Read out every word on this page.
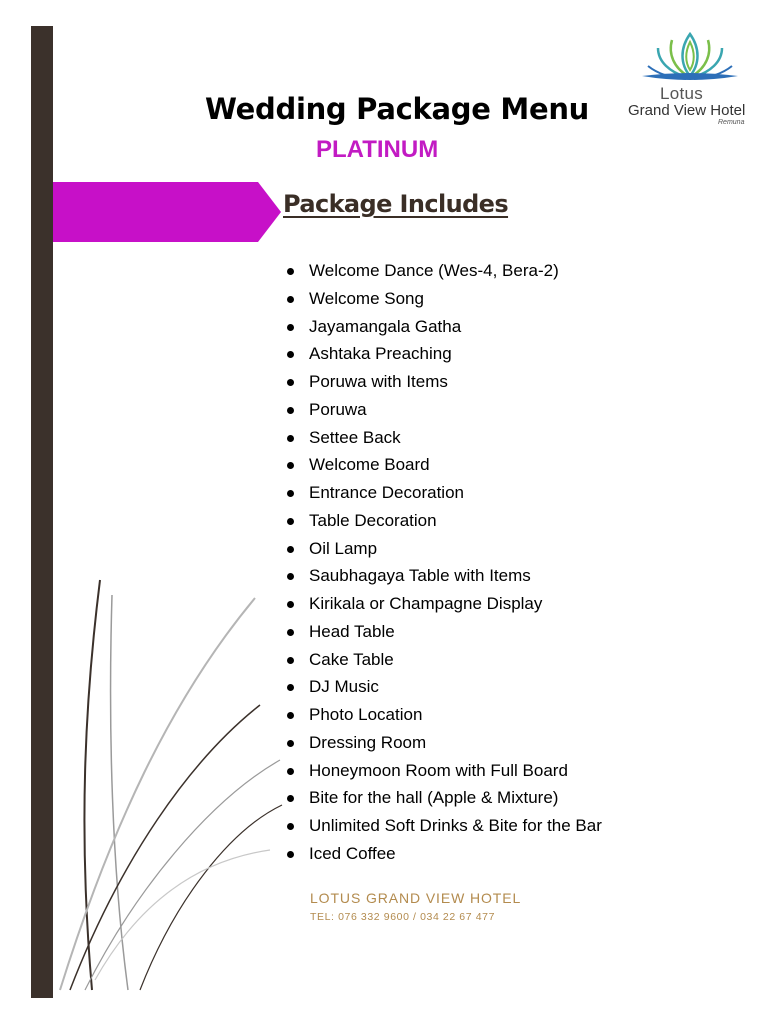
Lotus
Grand View Hotel
Remuna
Wedding Package Menu
PLATINUM
Package Includes
Welcome Dance (Wes-4, Bera-2)
Welcome Song
Jayamangala Gatha
Ashtaka Preaching
Poruwa with Items
Poruwa
Settee Back
Welcome Board
Entrance Decoration
Table Decoration
Oil Lamp
Saubhagaya Table with Items
Kirikala or Champagne Display
Head Table
Cake Table
DJ Music
Photo Location
Dressing Room
Honeymoon Room with Full Board
Bite for the hall (Apple & Mixture)
Unlimited Soft Drinks & Bite for the Bar
Iced Coffee
LOTUS GRAND VIEW HOTEL
TEL: 076 332 9600 / 034 22 67 477
